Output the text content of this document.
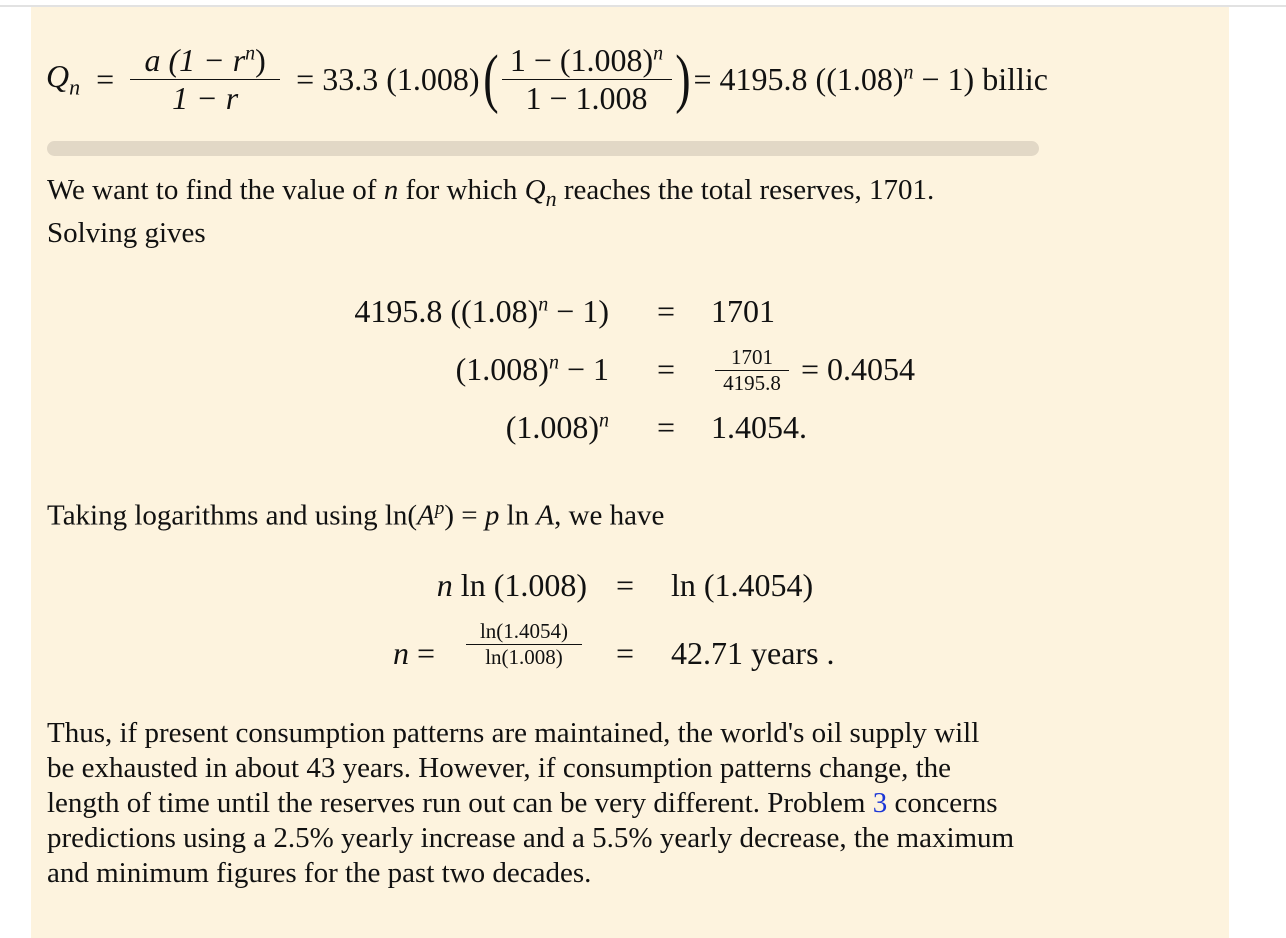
$Q_n = \frac{a (1 - r^n)}{1 - r} = 33.3$ (1.008) ( $\frac{1 - (1.008)^n}{1 - 1.008}$ ) = 4195.8 $((1.08)^n - 1)$ billic
We want to find the value of n for which $Q_n$ reaches the total reserves, 1701.
Solving gives
4195.8 $((1.08)^n - 1) = 1701$
$(1.008)^n - 1$ =	1701
4195.8 = 0.4054
$(1.008)^n = 1.4054$.
Taking logarithms and using $\ln(A^p) = p$ ln A, we have
n ln (1.008) = ln (1.4054)
n =
ln(1.4054)
ln(1.008) = 42.71 years .
Thus, if present consumption patterns are maintained, the world's oil supply will
be exhausted in about 43 years. However, if consumption patterns change, the
length of time until the reserves run out can be very different. Problem 3 concerns
predictions using a 2.5% yearly increase and a 5.5% yearly decrease, the maximum
and minimum figures for the past two decades.
